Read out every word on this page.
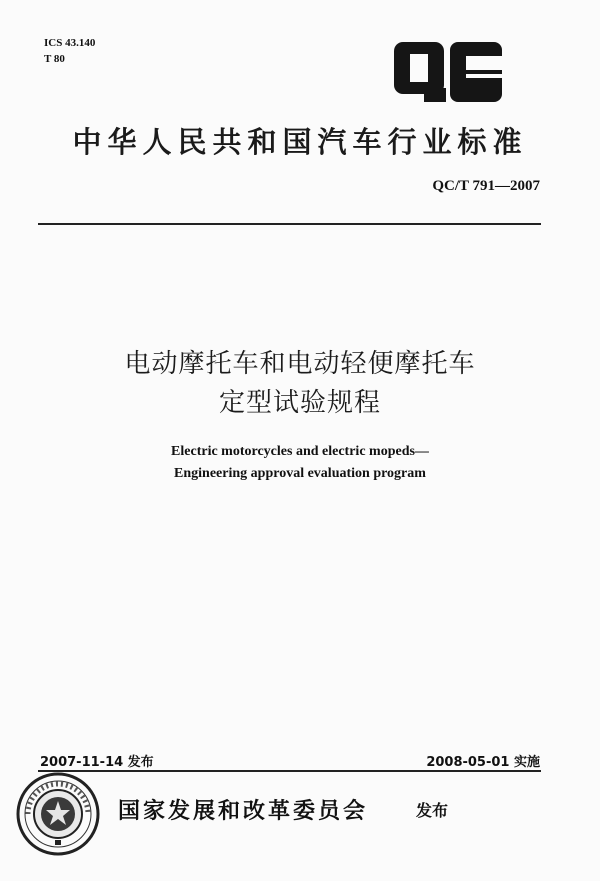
ICS 43.140
T 80
中华人民共和国汽车行业标准
QC/T 791—2007
电动摩托车和电动轻便摩托车
定型试验规程
Electric motorcycles and electric mopeds—
Engineering approval evaluation program
2007-11-14 发布	2008-05-01 实施
国家发展和改革委员会	发布
